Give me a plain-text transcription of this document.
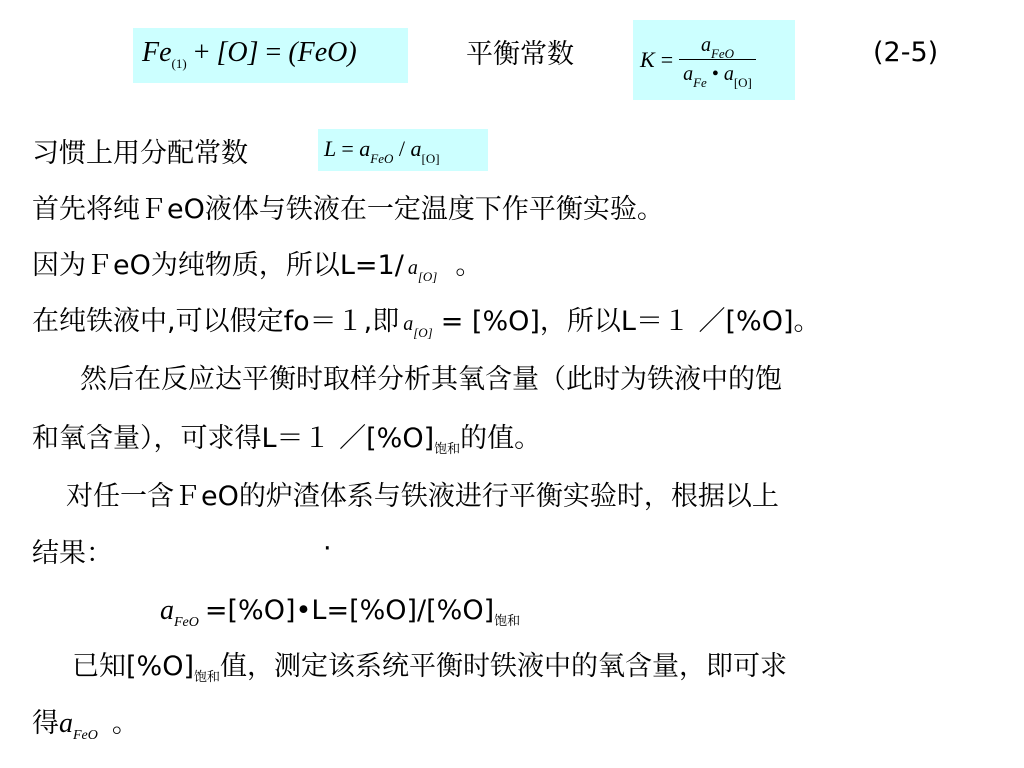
$Fe_{(1)} + [O] = (FeO)$	平衡常数	$K = \frac{a_{FeO}}{a_{Fe} • a_{[O]}}$	(2-5)
习惯上用分配常数	$L = a_{FeO} / a_{[O]}$
首先将纯ＦeO液体与铁液在一定温度下作平衡实验。
因为ＦeO为纯物质，所以L=1/ $a_{[O]}$ 。
在纯铁液中,可以假定fo＝１,即 $a_{[O]} = [\%O]$，所以L＝１ ／[%O]。
然后在反应达平衡时取样分析其氧含量（此时为铁液中的饱
和氧含量），可求得L＝１ $/[\%O]_{饱和}$的值。
对任一含ＦeO的炉渣体系与铁液进行平衡实验时，根据以上
结果：	·
$a_{FeO}$ $=[\%O]•L=[\%O]/[\%O]_{饱和}$
已知$[\%O]_{饱和}$值，测定该系统平衡时铁液中的氧含量，即可求
得$a_{FeO}$ 。
